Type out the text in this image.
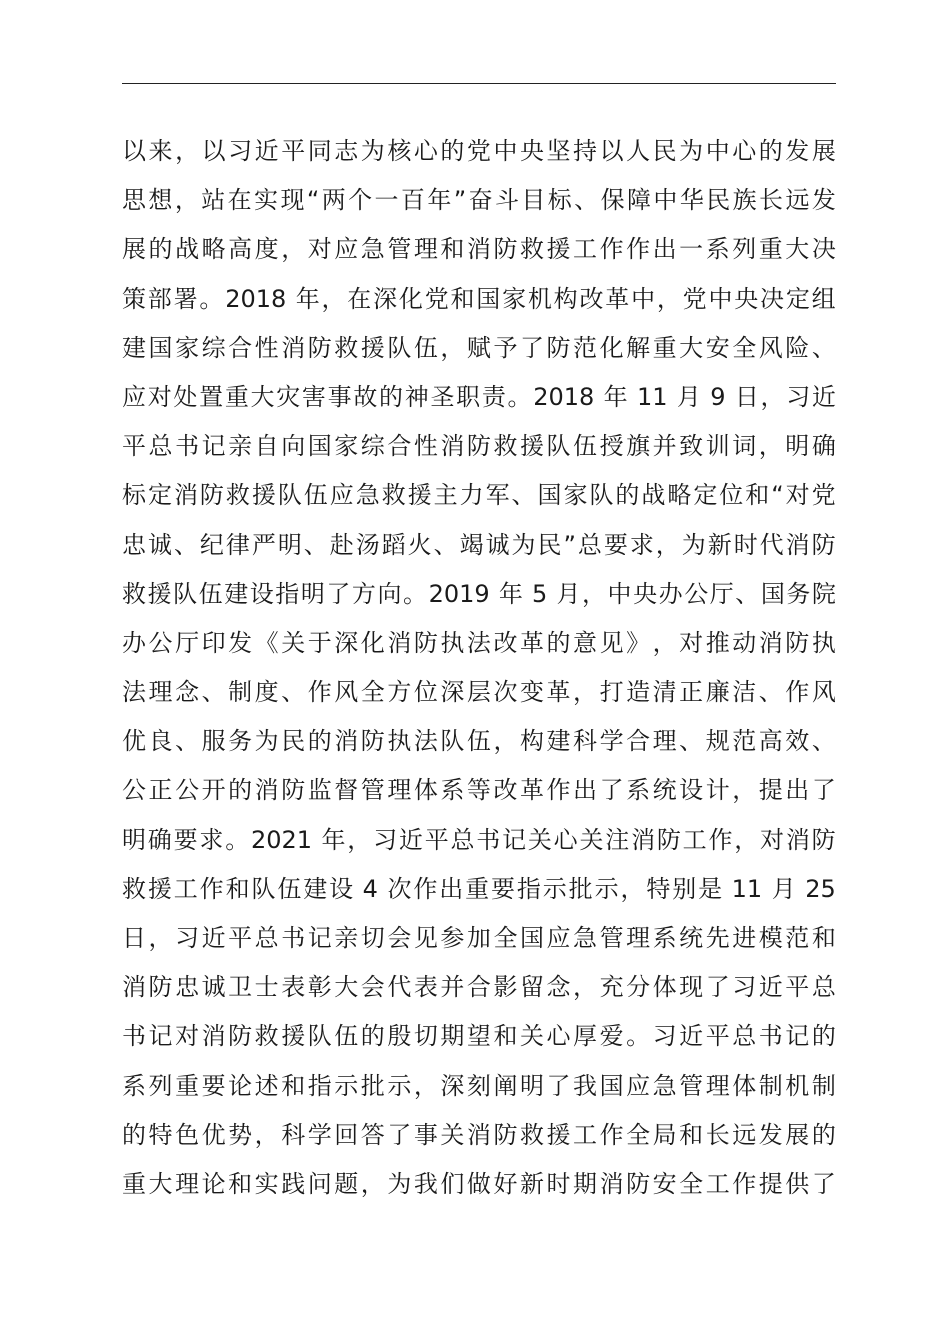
以 来 ， 以 习 近 平 同 志 为 核 心 的 党 中 央 坚 持 以 人 民 为 中 心 的 发 展
思 想 ， 站 在 实 现 “ 两 个 一 百 年 ” 奋 斗 目 标 、 保 障 中 华 民 族 长 远 发
展 的 战 略 高 度 ， 对 应 急 管 理 和 消 防 救 援 工 作 作 出 一 系 列 重 大 决
策 部 署 。 2018 年 ， 在 深 化 党 和 国 家 机 构 改 革 中 ， 党 中 央 决 定 组
建 国 家 综 合 性 消 防 救 援 队 伍 ， 赋 予 了 防 范 化 解 重 大 安 全 风 险 、
应 对 处 置 重 大 灾 害 事 故 的 神 圣 职 责 。 2018 年 11 月 9 日 ， 习 近
平 总 书 记 亲 自 向 国 家 综 合 性 消 防 救 援 队 伍 授 旗 并 致 训 词 ， 明 确
标 定 消 防 救 援 队 伍 应 急 救 援 主 力 军 、 国 家 队 的 战 略 定 位 和 “ 对 党
忠 诚 、 纪 律 严 明 、 赴 汤 蹈 火 、 竭 诚 为 民 ” 总 要 求 ， 为 新 时 代 消 防
救 援 队 伍 建 设 指 明 了 方 向 。 2019 年 5 月 ， 中 央 办 公 厅 、 国 务 院
办 公 厅 印 发 《 关 于 深 化 消 防 执 法 改 革 的 意 见 》 ， 对 推 动 消 防 执
法 理 念 、 制 度 、 作 风 全 方 位 深 层 次 变 革 ， 打 造 清 正 廉 洁 、 作 风
优 良 、 服 务 为 民 的 消 防 执 法 队 伍 ， 构 建 科 学 合 理 、 规 范 高 效 、
公 正 公 开 的 消 防 监 督 管 理 体 系 等 改 革 作 出 了 系 统 设 计 ， 提 出 了
明 确 要 求 。 2021 年 ， 习 近 平 总 书 记 关 心 关 注 消 防 工 作 ， 对 消 防
救 援 工 作 和 队 伍 建 设 4 次 作 出 重 要 指 示 批 示 ， 特 别 是 11 月 25
日 ， 习 近 平 总 书 记 亲 切 会 见 参 加 全 国 应 急 管 理 系 统 先 进 模 范 和
消 防 忠 诚 卫 士 表 彰 大 会 代 表 并 合 影 留 念 ， 充 分 体 现 了 习 近 平 总
书 记 对 消 防 救 援 队 伍 的 殷 切 期 望 和 关 心 厚 爱 。 习 近 平 总 书 记 的
系 列 重 要 论 述 和 指 示 批 示 ， 深 刻 阐 明 了 我 国 应 急 管 理 体 制 机 制
的 特 色 优 势 ， 科 学 回 答 了 事 关 消 防 救 援 工 作 全 局 和 长 远 发 展 的
重 大 理 论 和 实 践 问 题 ， 为 我 们 做 好 新 时 期 消 防 安 全 工 作 提 供 了
